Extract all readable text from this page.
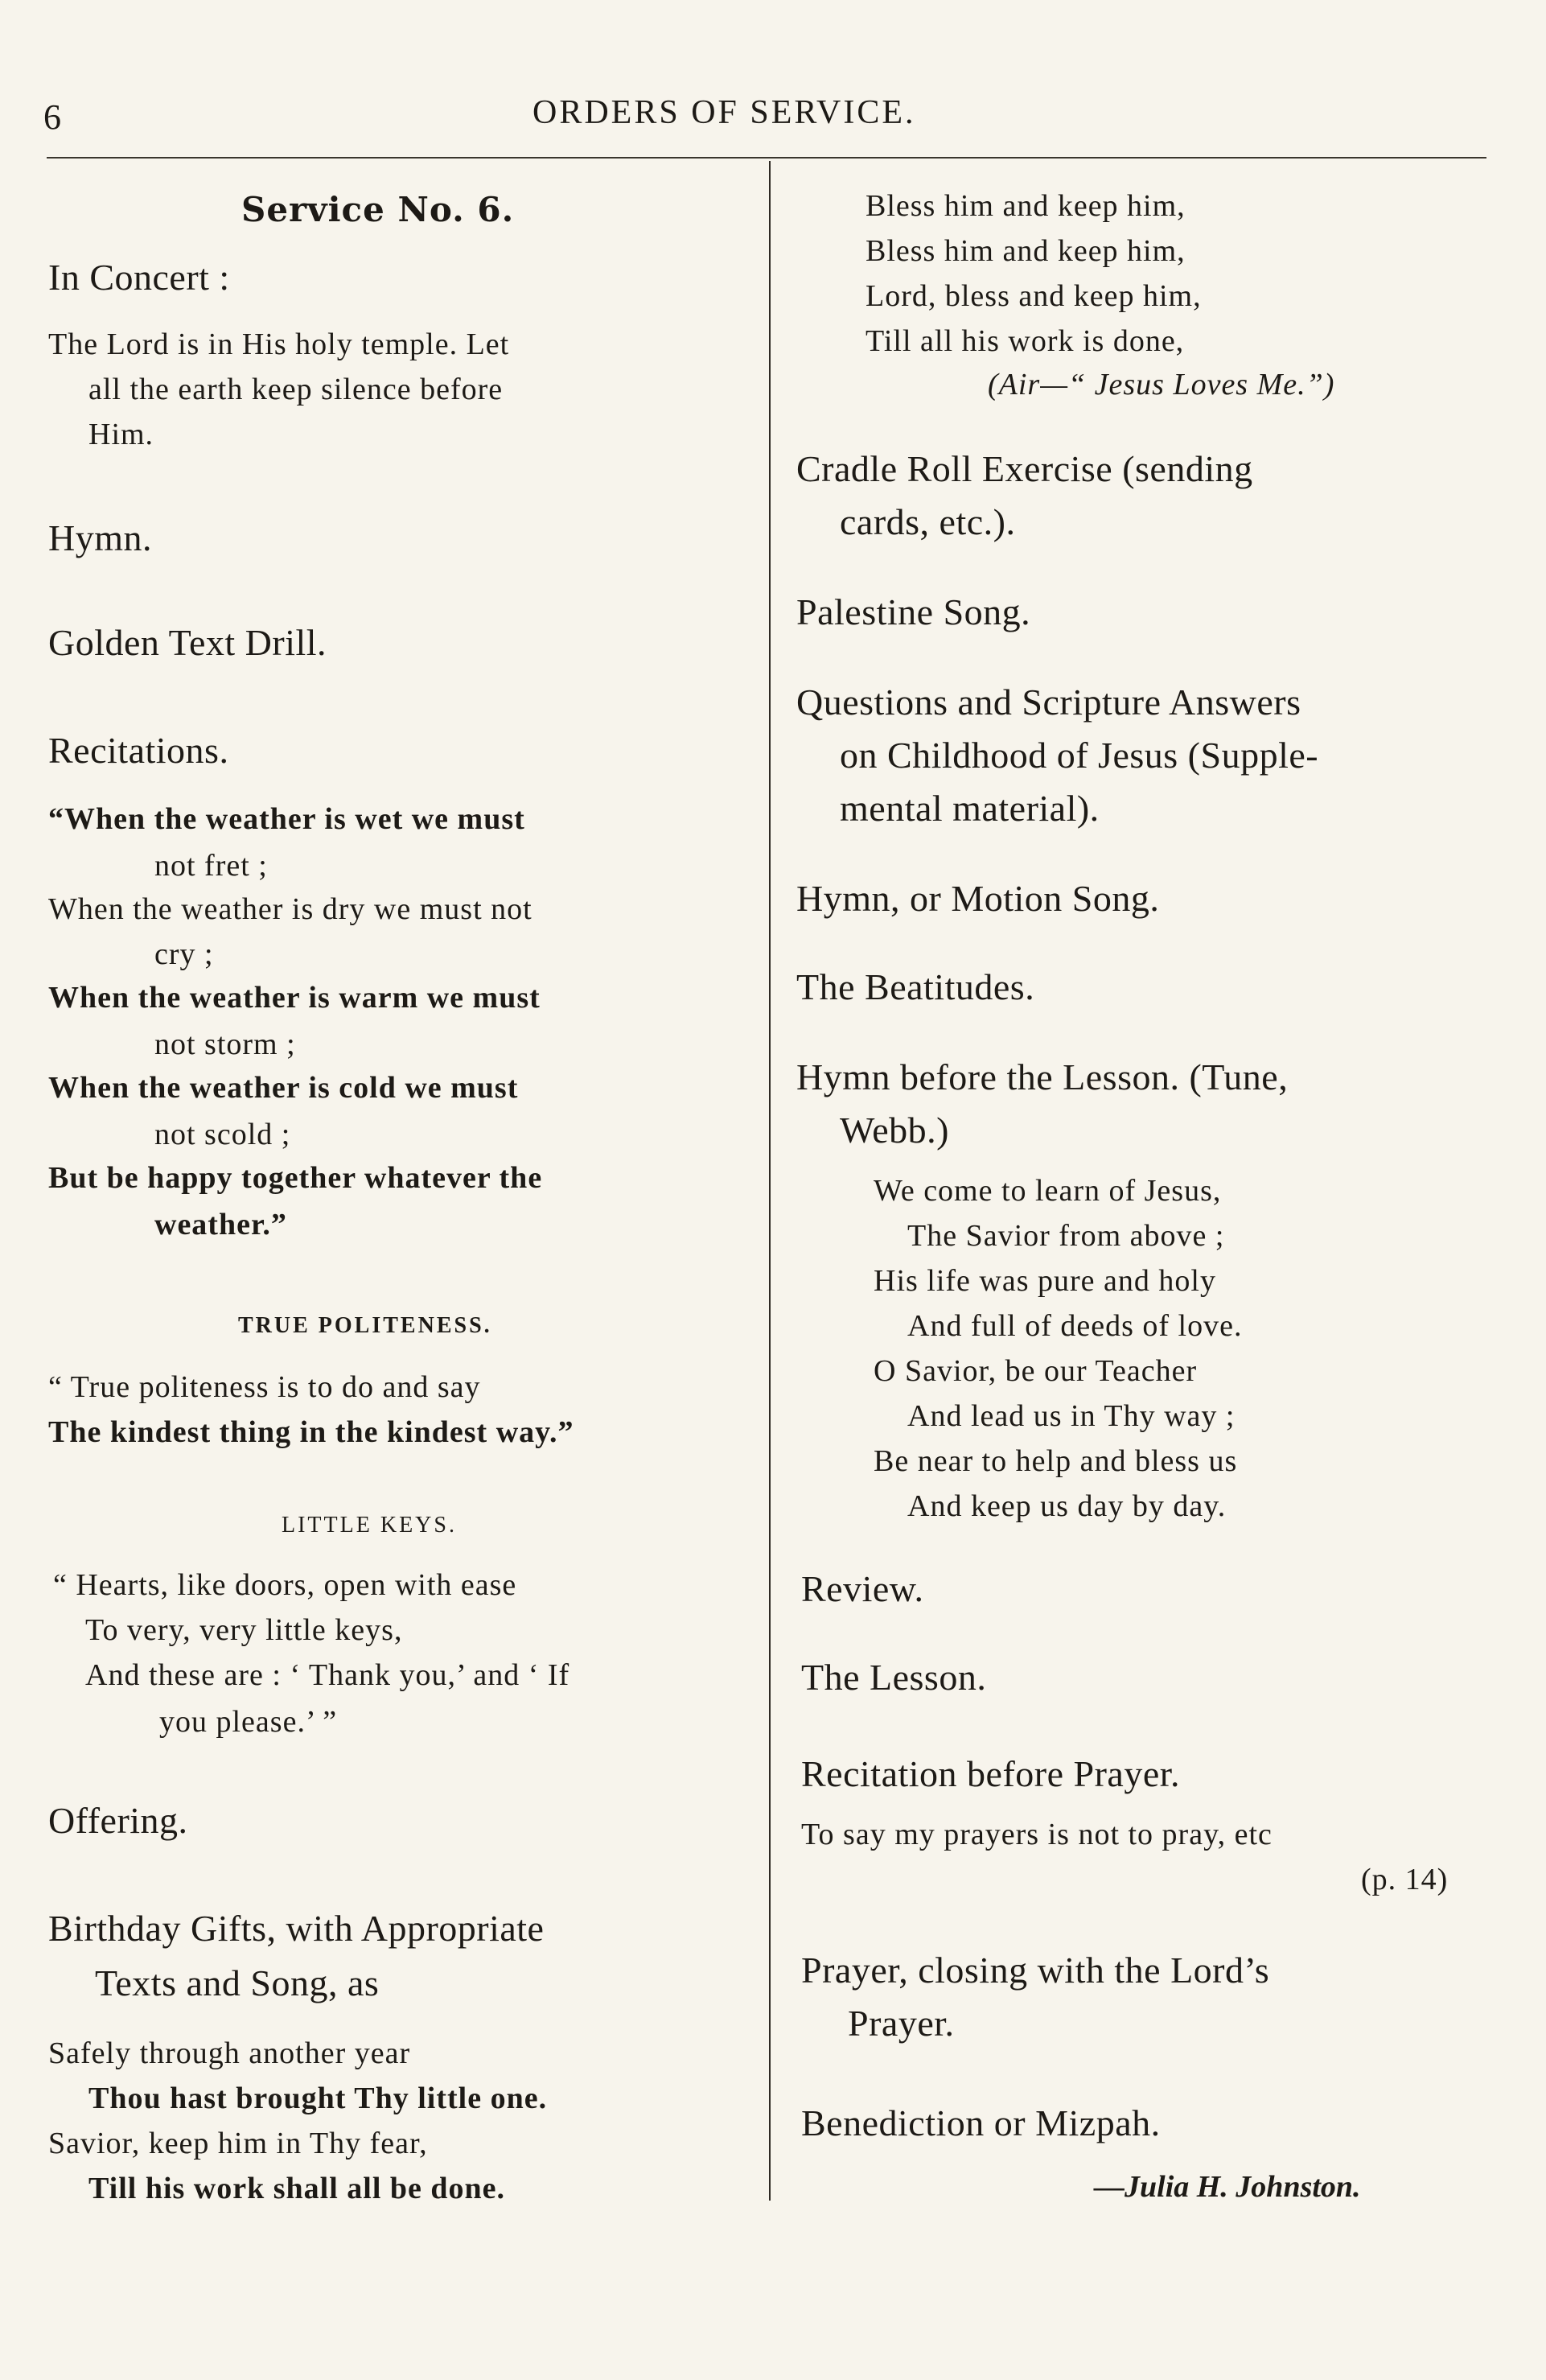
6	ORDERS OF SERVICE.
Service No. 6.
In Concert :
The Lord is in His holy temple. Let
all the earth keep silence before
Him.
Hymn.
Golden Text Drill.
Recitations.
“When the weather is wet we must
not fret ;
When the weather is dry we must not
cry ;
When the weather is warm we must
not storm ;
When the weather is cold we must
not scold ;
But be happy together whatever the
weather.”
TRUE POLITENESS.
“ True politeness is to do and say
The kindest thing in the kindest way.”
LITTLE KEYS.
“ Hearts, like doors, open with ease
To very, very little keys,
And these are : ‘ Thank you,’ and ‘ If
you please.’ ”
Offering.
Birthday Gifts, with Appropriate
Texts and Song, as
Safely through another year
Thou hast brought Thy little one.
Savior, keep him in Thy fear,
Till his work shall all be done.
Bless him and keep him,
Bless him and keep him,
Lord, bless and keep him,
Till all his work is done,
(Air—“ Jesus Loves Me.”)
Cradle Roll Exercise (sending
cards, etc.).
Palestine Song.
Questions and Scripture Answers
on Childhood of Jesus (Supple-
mental material).
Hymn, or Motion Song.
The Beatitudes.
Hymn before the Lesson. (Tune,
Webb.)
We come to learn of Jesus,
The Savior from above ;
His life was pure and holy
And full of deeds of love.
O Savior, be our Teacher
And lead us in Thy way ;
Be near to help and bless us
And keep us day by day.
Review.
The Lesson.
Recitation before Prayer.
To say my prayers is not to pray, etc
(p. 14)
Prayer, closing with the Lord’s
Prayer.
Benediction or Mizpah.
—Julia H. Johnston.
